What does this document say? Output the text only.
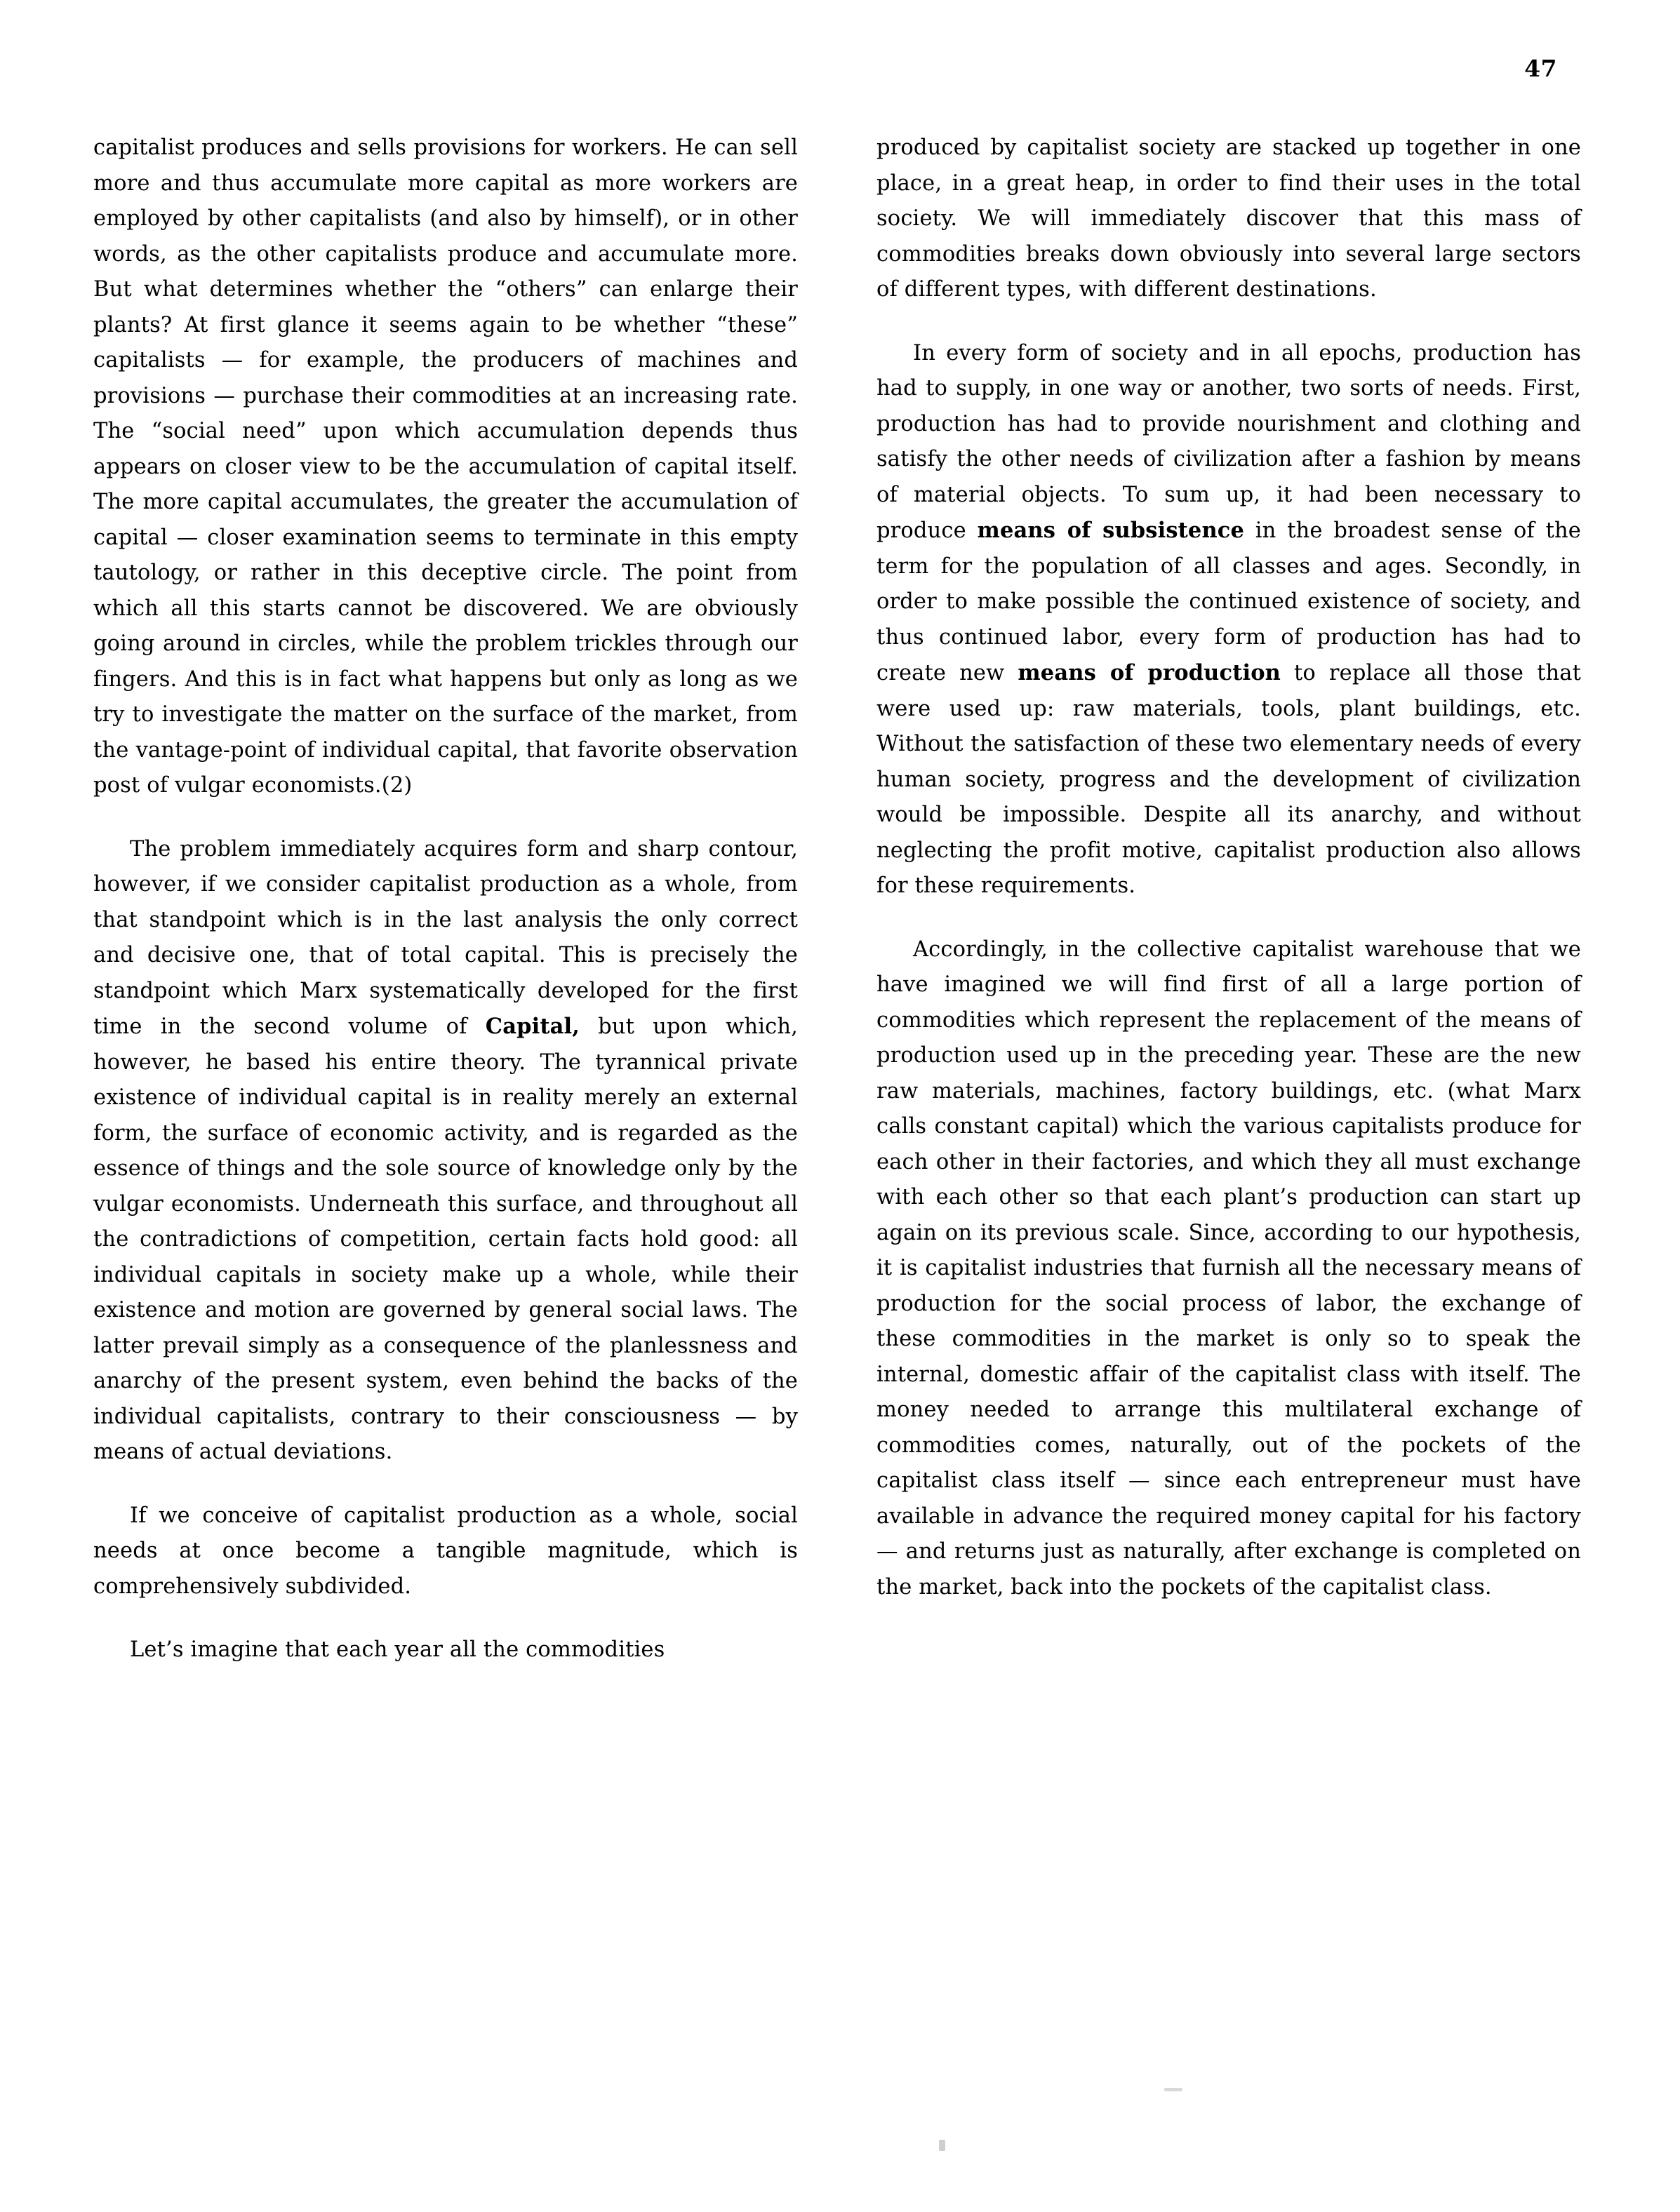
47

capitalist produces and sells provisions for workers. He can sell more and thus accumulate more capital as more workers are employed by other capitalists (and also by himself), or in other words, as the other capitalists produce and accumulate more. But what determines whether the “others” can enlarge their plants? At first glance it seems again to be whether “these” capitalists — for example, the producers of machines and provisions — purchase their commodities at an increasing rate. The “social need” upon which accumulation depends thus appears on closer view to be the accumulation of capital itself. The more capital accumulates, the greater the accumulation of capital — closer examination seems to terminate in this empty tautology, or rather in this deceptive circle. The point from which all this starts cannot be discovered. We are obviously going around in circles, while the problem trickles through our fingers. And this is in fact what happens but only as long as we try to investigate the matter on the surface of the market, from the vantage-point of individual capital, that favorite observation post of vulgar economists.(2)

The problem immediately acquires form and sharp contour, however, if we consider capitalist production as a whole, from that standpoint which is in the last analysis the only correct and decisive one, that of total capital. This is precisely the standpoint which Marx systematically developed for the first time in the second volume of Capital, but upon which, however, he based his entire theory. The tyrannical private existence of individual capital is in reality merely an external form, the surface of economic activity, and is regarded as the essence of things and the sole source of knowledge only by the vulgar economists. Underneath this surface, and throughout all the contradictions of competition, certain facts hold good: all individual capitals in society make up a whole, while their existence and motion are governed by general social laws. The latter prevail simply as a consequence of the planlessness and anarchy of the present system, even behind the backs of the individual capitalists, contrary to their consciousness — by means of actual deviations.

If we conceive of capitalist production as a whole, social needs at once become a tangible magnitude, which is comprehensively subdivided.

Let’s imagine that each year all the commodities

produced by capitalist society are stacked up together in one place, in a great heap, in order to find their uses in the total society. We will immediately discover that this mass of commodities breaks down obviously into several large sectors of different types, with different destinations.

In every form of society and in all epochs, production has had to supply, in one way or another, two sorts of needs. First, production has had to provide nourishment and clothing and satisfy the other needs of civilization after a fashion by means of material objects. To sum up, it had been necessary to produce means of subsistence in the broadest sense of the term for the population of all classes and ages. Secondly, in order to make possible the continued existence of society, and thus continued labor, every form of production has had to create new means of production to replace all those that were used up: raw materials, tools, plant buildings, etc. Without the satisfaction of these two elementary needs of every human society, progress and the development of civilization would be impossible. Despite all its anarchy, and without neglecting the profit motive, capitalist production also allows for these requirements.

Accordingly, in the collective capitalist warehouse that we have imagined we will find first of all a large portion of commodities which represent the replacement of the means of production used up in the preceding year. These are the new raw materials, machines, factory buildings, etc. (what Marx calls constant capital) which the various capitalists produce for each other in their factories, and which they all must exchange with each other so that each plant’s production can start up again on its previous scale. Since, according to our hypothesis, it is capitalist industries that furnish all the necessary means of production for the social process of labor, the exchange of these commodities in the market is only so to speak the internal, domestic affair of the capitalist class with itself. The money needed to arrange this multilateral exchange of commodities comes, naturally, out of the pockets of the capitalist class itself — since each entrepreneur must have available in advance the required money capital for his factory — and returns just as naturally, after exchange is completed on the market, back into the pockets of the capitalist class.
